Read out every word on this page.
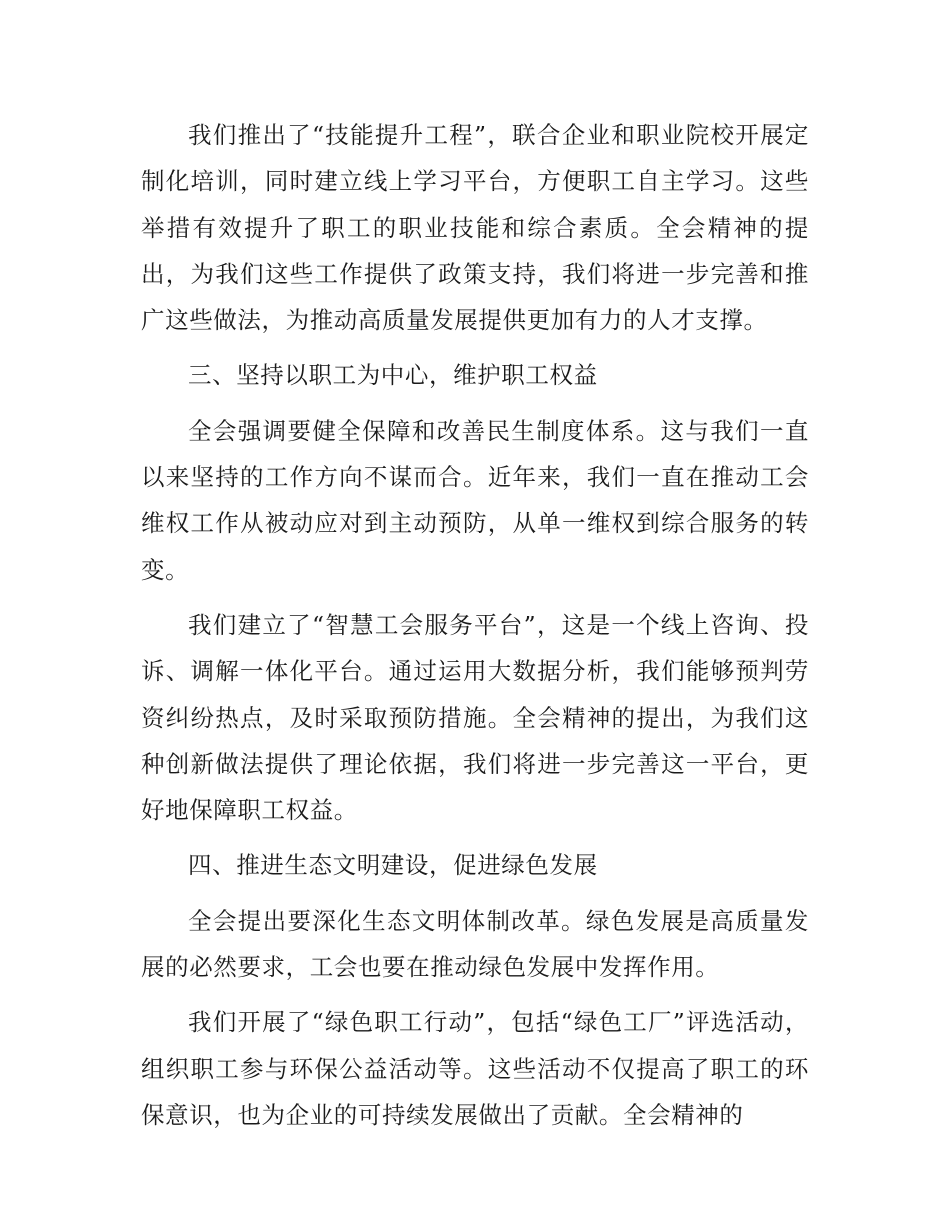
我们推出了“技能提升工程”，联合企业和职业院校开展定制化培训，同时建立线上学习平台，方便职工自主学习。这些举措有效提升了职工的职业技能和综合素质。全会精神的提出，为我们这些工作提供了政策支持，我们将进一步完善和推广这些做法，为推动高质量发展提供更加有力的人才支撑。

三、坚持以职工为中心，维护职工权益

全会强调要健全保障和改善民生制度体系。这与我们一直以来坚持的工作方向不谋而合。近年来，我们一直在推动工会维权工作从被动应对到主动预防，从单一维权到综合服务的转变。

我们建立了“智慧工会服务平台”，这是一个线上咨询、投诉、调解一体化平台。通过运用大数据分析，我们能够预判劳资纠纷热点，及时采取预防措施。全会精神的提出，为我们这种创新做法提供了理论依据，我们将进一步完善这一平台，更好地保障职工权益。

四、推进生态文明建设，促进绿色发展

全会提出要深化生态文明体制改革。绿色发展是高质量发展的必然要求，工会也要在推动绿色发展中发挥作用。

我们开展了“绿色职工行动”，包括“绿色工厂”评选活动，组织职工参与环保公益活动等。这些活动不仅提高了职工的环保意识，也为企业的可持续发展做出了贡献。全会精神的
